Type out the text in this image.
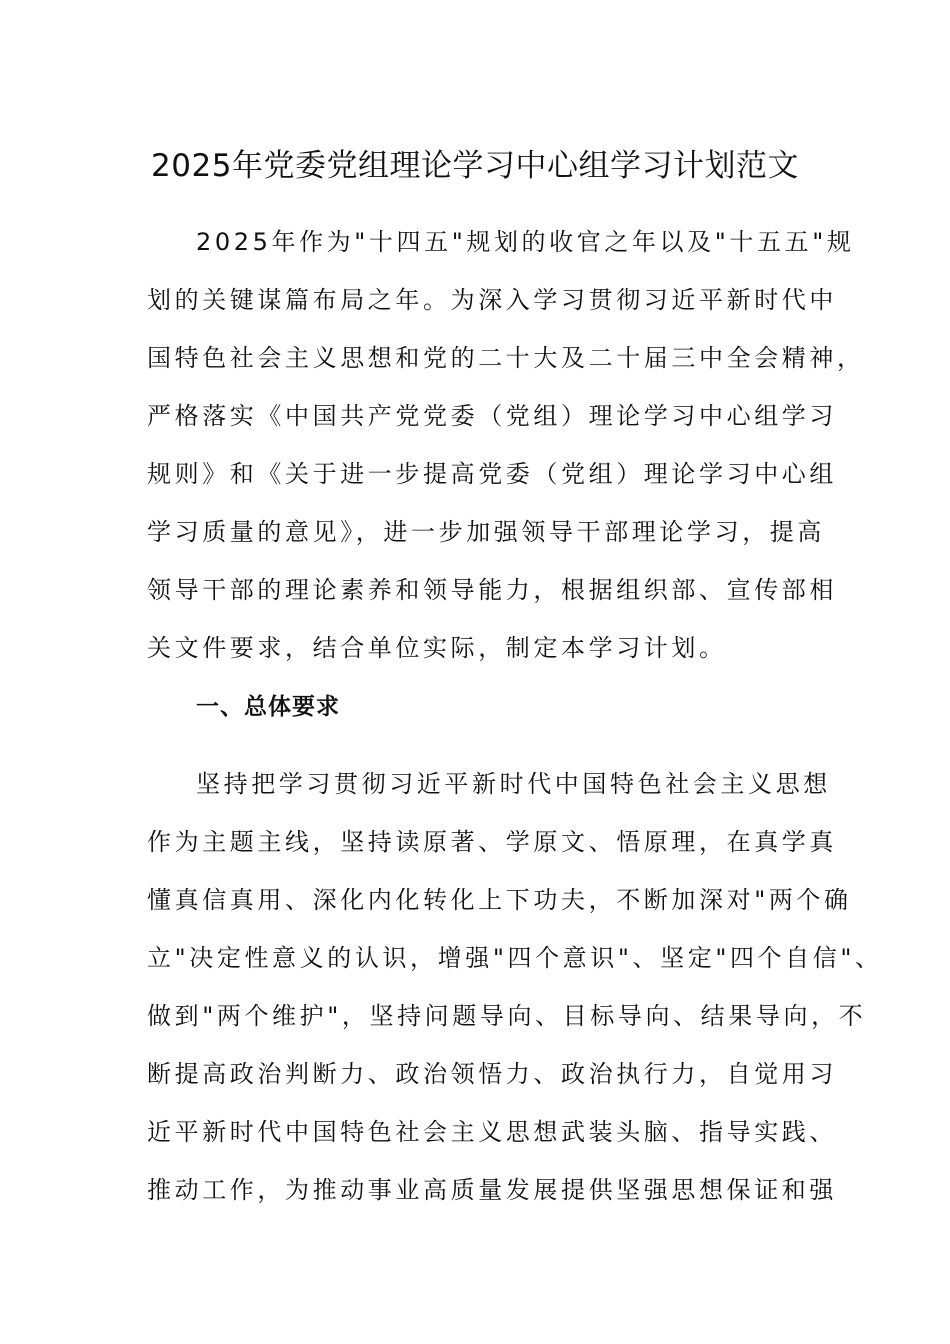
2025年党委党组理论学习中心组学习计划范文
2025年作为"十四五"规划的收官之年以及"十五五"规
划的关键谋篇布局之年。为深入学习贯彻习近平新时代中
国特色社会主义思想和党的二十大及二十届三中全会精神，
严格落实《中国共产党党委（党组）理论学习中心组学习
规则》和《关于进一步提高党委（党组）理论学习中心组
学习质量的意见》，进一步加强领导干部理论学习，提高
领导干部的理论素养和领导能力，根据组织部、宣传部相
关文件要求，结合单位实际，制定本学习计划。
一、总体要求
坚持把学习贯彻习近平新时代中国特色社会主义思想
作为主题主线，坚持读原著、学原文、悟原理，在真学真
懂真信真用、深化内化转化上下功夫，不断加深对"两个确
立"决定性意义的认识，增强"四个意识"、坚定"四个自信"、
做到"两个维护"，坚持问题导向、目标导向、结果导向，不
断提高政治判断力、政治领悟力、政治执行力，自觉用习
近平新时代中国特色社会主义思想武装头脑、指导实践、
推动工作，为推动事业高质量发展提供坚强思想保证和强
